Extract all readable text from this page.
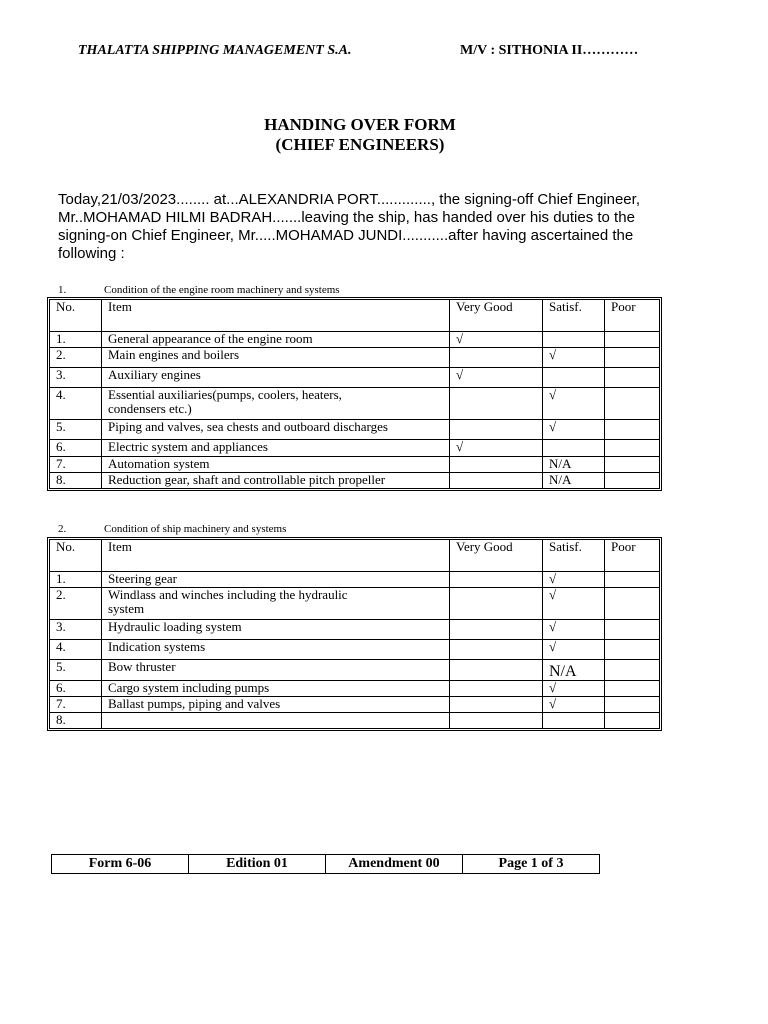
THALATTA SHIPPING MANAGEMENT S.A.	M/V : SITHONIA II…………
HANDING OVER FORM
(CHIEF ENGINEERS)
Today,21/03/2023........ at...ALEXANDRIA PORT............., the signing-off Chief Engineer, Mr..MOHAMAD HILMI BADRAH.......leaving the ship, has handed over his duties to the signing-on Chief Engineer, Mr.....MOHAMAD JUNDI...........after having ascertained the following :
1.	Condition of the engine room machinery and systems
No.	Item	Very Good	Satisf.	Poor
1.	General appearance of the engine room	√		
2.	Main engines and boilers		√	
3.	Auxiliary engines	√		
4.	Essential auxiliaries(pumps, coolers, heaters, condensers etc.)		√	
5.	Piping and valves, sea chests and outboard discharges		√	
6.	Electric system and appliances	√		
7.	Automation system		N/A	
8.	Reduction gear, shaft and controllable pitch propeller		N/A	
2.	Condition of ship machinery and systems
No.	Item	Very Good	Satisf.	Poor
1.	Steering gear		√	
2.	Windlass and winches including the hydraulic system		√	
3.	Hydraulic loading system		√	
4.	Indication systems		√	
5.	Bow thruster		N/A	
6.	Cargo system including pumps		√	
7.	Ballast pumps, piping and valves		√	
8.				
Form 6-06	Edition 01	Amendment 00	Page 1 of 3
